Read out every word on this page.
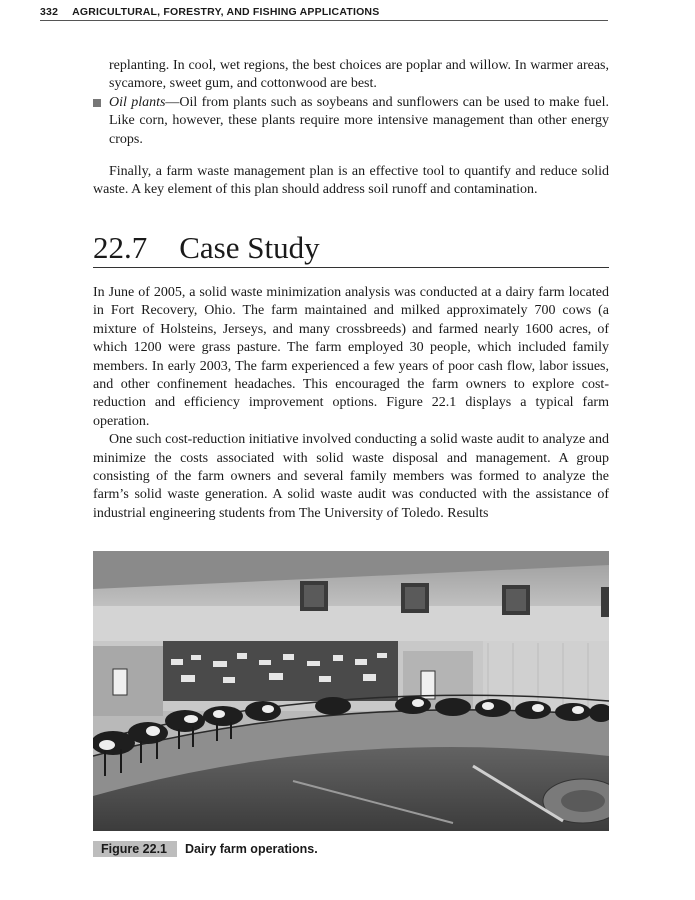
332 AGRICULTURAL, FORESTRY, AND FISHING APPLICATIONS
replanting. In cool, wet regions, the best choices are poplar and willow. In warmer areas, sycamore, sweet gum, and cottonwood are best.
Oil plants—Oil from plants such as soybeans and sunflowers can be used to make fuel. Like corn, however, these plants require more intensive management than other energy crops.

Finally, a farm waste management plan is an effective tool to quantify and reduce solid waste. A key element of this plan should address soil runoff and contamination.

22.7 Case Study

In June of 2005, a solid waste minimization analysis was conducted at a dairy farm located in Fort Recovery, Ohio. The farm maintained and milked approximately 700 cows (a mixture of Holsteins, Jerseys, and many crossbreeds) and farmed nearly 1600 acres, of which 1200 were grass pasture. The farm employed 30 people, which included family members. In early 2003, The farm experienced a few years of poor cash flow, labor issues, and other confinement headaches. This encouraged the farm owners to explore cost-reduction and efficiency improvement options. Figure 22.1 displays a typical farm operation.

One such cost-reduction initiative involved conducting a solid waste audit to analyze and minimize the costs associated with solid waste disposal and management. A group consisting of the farm owners and several family members was formed to analyze the farm’s solid waste generation. A solid waste audit was conducted with the assistance of industrial engineering students from The University of Toledo. Results

Figure 22.1 Dairy farm operations.
